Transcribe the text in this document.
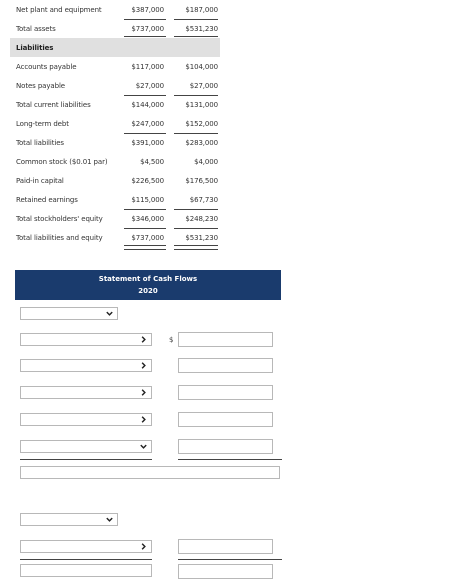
Net plant and equipment	$387,000	$187,000
Total assets	$737,000	$531,230
Liabilities
Accounts payable	$117,000	$104,000
Notes payable	$27,000	$27,000
Total current liabilities	$144,000	$131,000
Long-term debt	$247,000	$152,000
Total liabilities	$391,000	$283,000
Common stock ($0.01 par)	$4,500	$4,000
Paid-in capital	$226,500	$176,500
Retained earnings	$115,000	$67,730
Total stockholders' equity	$346,000	$248,230
Total liabilities and equity	$737,000	$531,230
Statement of Cash Flows
2020
$
